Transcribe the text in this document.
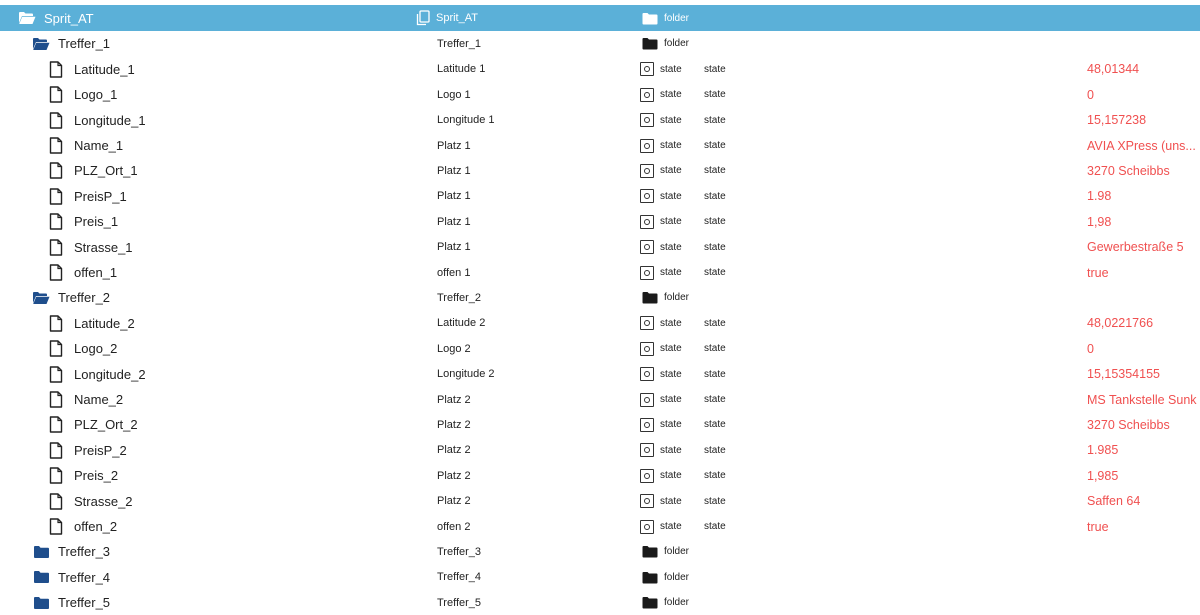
Sprit_AT	Sprit_AT	folder
Treffer_1	Treffer_1	folder
Latitude_1	Latitude 1	state state	48,01344
Logo_1	Logo 1	state state	0
Longitude_1	Longitude 1	state state	15,157238
Name_1	Platz 1	state state	AVIA XPress (uns...
PLZ_Ort_1	Platz 1	state state	3270 Scheibbs
PreisP_1	Platz 1	state state	1.98
Preis_1	Platz 1	state state	1,98
Strasse_1	Platz 1	state state	Gewerbestraße 5
offen_1	offen 1	state state	true
Treffer_2	Treffer_2	folder
Latitude_2	Latitude 2	state state	48,0221766
Logo_2	Logo 2	state state	0
Longitude_2	Longitude 2	state state	15,15354155
Name_2	Platz 2	state state	MS Tankstelle Sunk
PLZ_Ort_2	Platz 2	state state	3270 Scheibbs
PreisP_2	Platz 2	state state	1.985
Preis_2	Platz 2	state state	1,985
Strasse_2	Platz 2	state state	Saffen 64
offen_2	offen 2	state state	true
Treffer_3	Treffer_3	folder
Treffer_4	Treffer_4	folder
Treffer_5	Treffer_5	folder
